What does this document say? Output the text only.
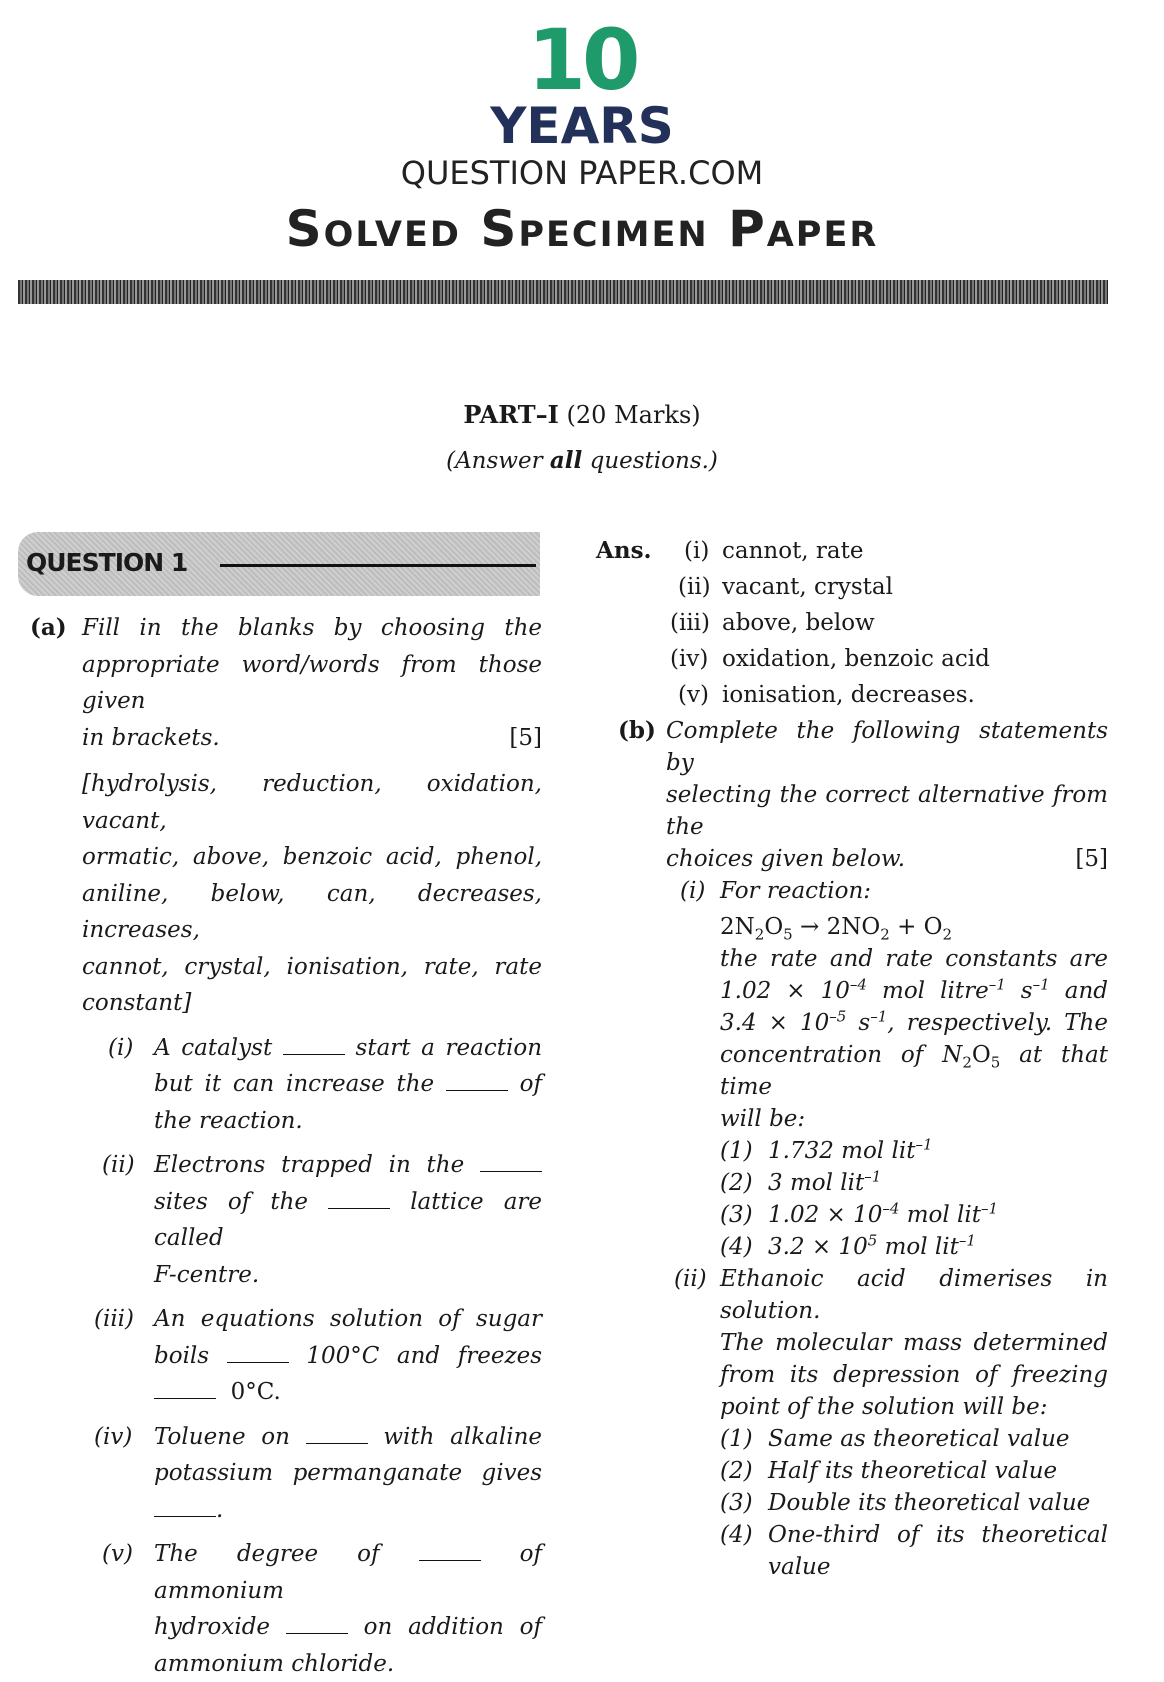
10
YEARS
QUESTION PAPER.COM
Solved Specimen Paper
PART–I (20 Marks)
(Answer all questions.)
QUESTION 1
(a) Fill in the blanks by choosing the
appropriate word/words from those given
in brackets.	[5]
[hydrolysis, reduction, oxidation, vacant,
ormatic, above, benzoic acid, phenol,
aniline, below, can, decreases, increases,
cannot, crystal, ionisation, rate, rate
constant]
(i) A catalyst	start a reaction
but it can increase the	of
the reaction.
(ii) Electrons trapped in the
sites of the	lattice are called
F-centre.
(iii) An equations solution of sugar
boils	100°C and freezes
0°C.
(iv) Toluene on	with alkaline
potassium permanganate gives
.
(v) The degree of	of ammonium
hydroxide	on addition of
ammonium chloride.
Ans. (i) cannot, rate
(ii) vacant, crystal
(iii) above, below
(iv) oxidation, benzoic acid
(v) ionisation, decreases.
(b) Complete the following statements by
selecting the correct alternative from the
choices given below.	[5]
(i) For reaction:
$2N_2O_5 \to 2NO_2 + O_2$
the rate and rate constants are
$1.02 \times 10^{-4}$ mol litre$^{-1}$ $s^{-1}$ and
$3.4 \times 10^{-5}$ $s^{-1}$, respectively. The
concentration of $N_2O_5$ at that time
will be:
(1) 1.732 mol lit$^{-1}$
(2) 3 mol lit$^{-1}$
(3) $1.02 \times 10^{-4}$ mol lit$^{-1}$
(4) $3.2 \times 10^5$ mol lit$^{-1}$
(ii) Ethanoic acid dimerises in solution.
The molecular mass determined
from its depression of freezing
point of the solution will be:
(1) Same as theoretical value
(2) Half its theoretical value
(3) Double its theoretical value
(4) One-third of its theoretical
value
